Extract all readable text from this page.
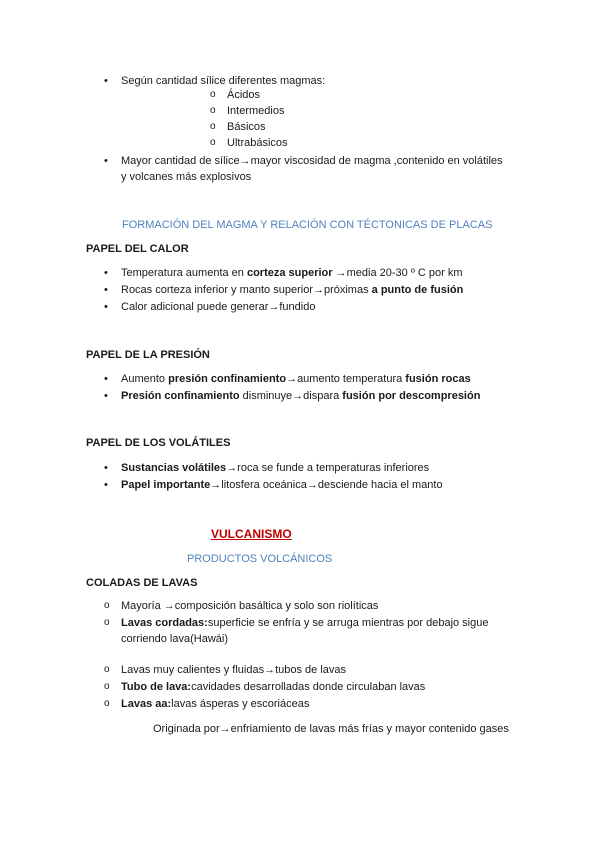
• Según cantidad sílice diferentes magmas:
o Ácidos
o Intermedios
o Básicos
o Ultrabásicos
• Mayor cantidad de sílice→mayor viscosidad de magma ,contenido en volátiles
y volcanes más explosivos
FORMACIÓN DEL MAGMA Y RELACIÓN CON TÉCTONICAS DE PLACAS
PAPEL DEL CALOR
• Temperatura aumenta en corteza superior →media 20-30 º C por km
• Rocas corteza inferior y manto superior→próximas a punto de fusión
• Calor adicional puede generar→fundido
PAPEL DE LA PRESIÓN
• Aumento presión confinamiento→aumento temperatura fusión rocas
• Presión confinamiento disminuye→dispara fusión por descompresión
PAPEL DE LOS VOLÁTILES
• Sustancias volátiles→roca se funde a temperaturas inferiores
• Papel importante→litosfera oceánica→desciende hacia el manto
VULCANISMO
PRODUCTOS VOLCÁNICOS
COLADAS DE LAVAS
o Mayoría →composición basáltica y solo son riolíticas
o Lavas cordadas:superficie se enfría y se arruga mientras por debajo sigue
corriendo lava(Hawái)
o Lavas muy calientes y fluidas→tubos de lavas
o Tubo de lava:cavidades desarrolladas donde circulaban lavas
o Lavas aa:lavas ásperas y escoriáceas
Originada por→enfriamiento de lavas más frías y mayor contenido gases
